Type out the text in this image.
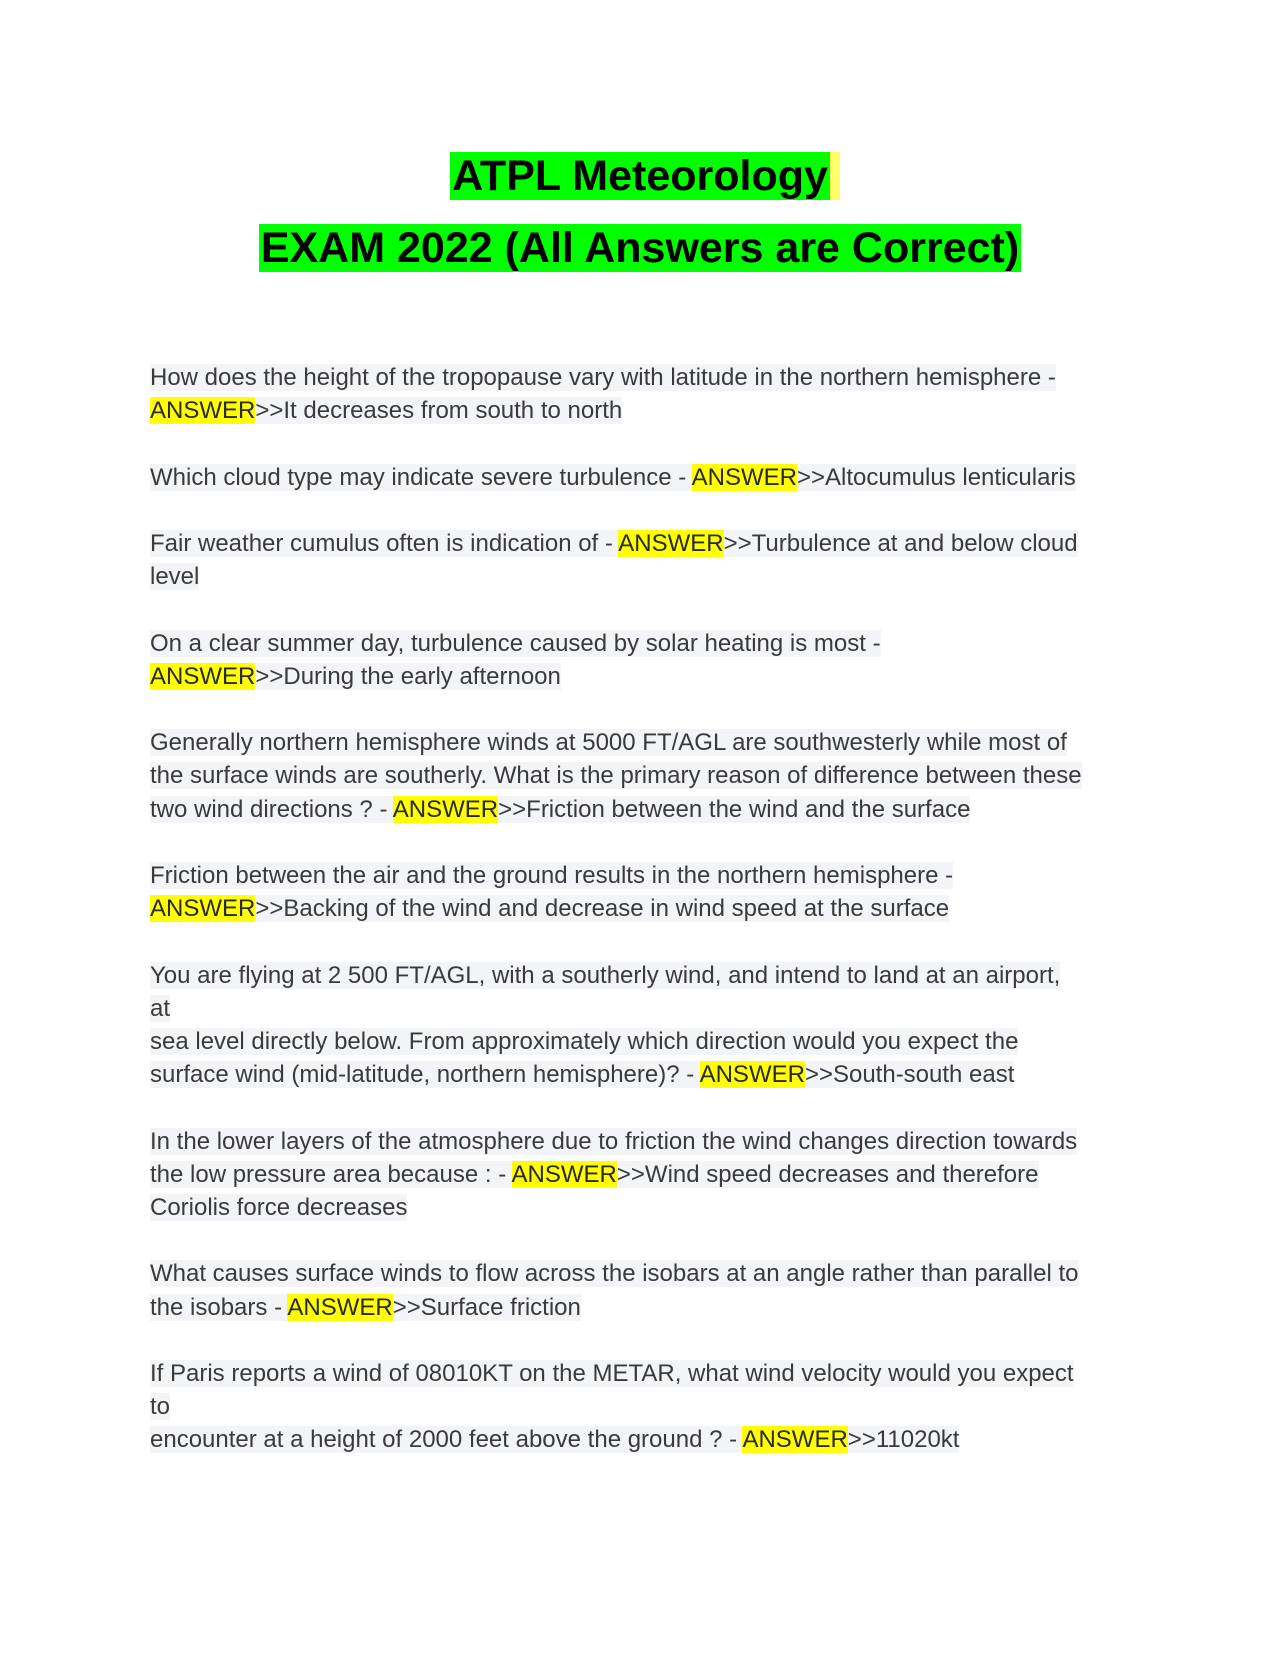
ATPL Meteorology
EXAM 2022 (All Answers are Correct)
How does the height of the tropopause vary with latitude in the northern hemisphere -
ANSWER>>It decreases from south to north
Which cloud type may indicate severe turbulence - ANSWER>>Altocumulus lenticularis
Fair weather cumulus often is indication of - ANSWER>>Turbulence at and below cloud
level
On a clear summer day, turbulence caused by solar heating is most -
ANSWER>>During the early afternoon
Generally northern hemisphere winds at 5000 FT/AGL are southwesterly while most of
the surface winds are southerly. What is the primary reason of difference between these
two wind directions ? - ANSWER>>Friction between the wind and the surface
Friction between the air and the ground results in the northern hemisphere -
ANSWER>>Backing of the wind and decrease in wind speed at the surface
You are flying at 2 500 FT/AGL, with a southerly wind, and intend to land at an airport,
at
sea level directly below. From approximately which direction would you expect the
surface wind (mid-latitude, northern hemisphere)? - ANSWER>>South-south east
In the lower layers of the atmosphere due to friction the wind changes direction towards
the low pressure area because : - ANSWER>>Wind speed decreases and therefore
Coriolis force decreases
What causes surface winds to flow across the isobars at an angle rather than parallel to
the isobars - ANSWER>>Surface friction
If Paris reports a wind of 08010KT on the METAR, what wind velocity would you expect
to
encounter at a height of 2000 feet above the ground ? - ANSWER>>11020kt
